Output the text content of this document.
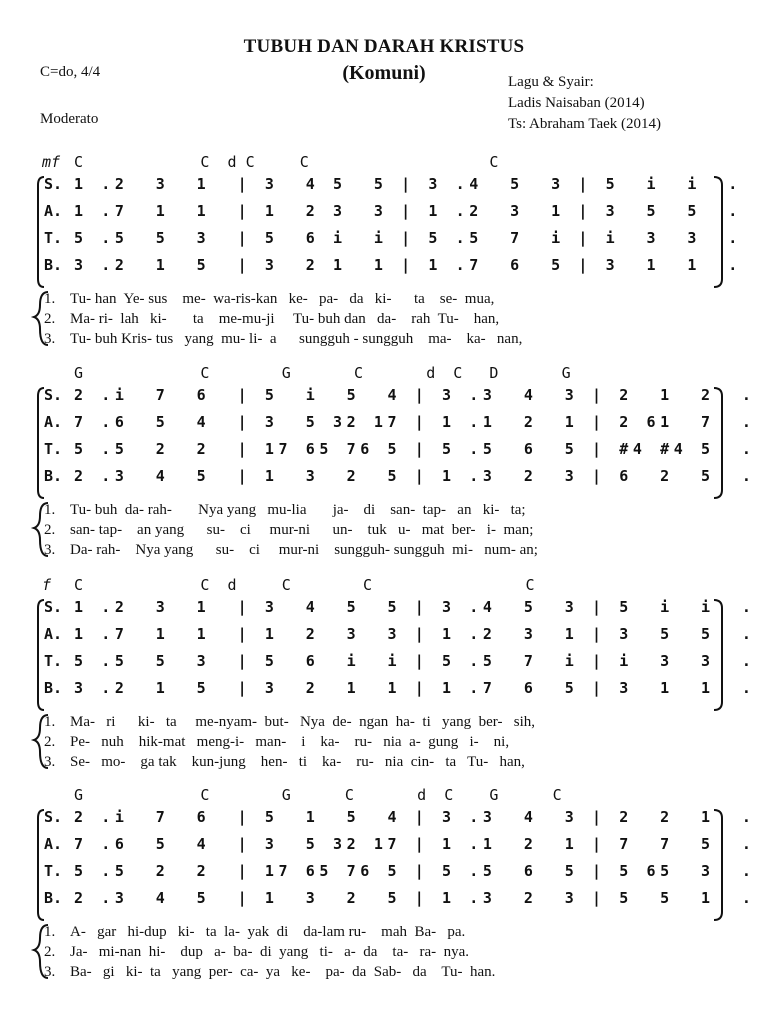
TUBUH DAN DARAH KRISTUS
(Komuni)
C=do, 4/4
Moderato
Lagu & Syair:
Ladis Naisaban (2014)
Ts: Abraham Taek (2014)
mf C             C  d C     C                    C
S. 1 .2  3  1  | 3  4 5  5 | 3 .4  5  3 | 5  i  i  .
A. 1 .7  1  1  | 1  2 3  3 | 1 .2  3  1 | 3  5  5  .
T. 5 .5  5  3  | 5  6 i  i | 5 .5  7  i | i  3  3  .
B. 3 .2  1  5  | 3  2 1  1 | 1 .7  6  5 | 3  1  1  .
1. Tu- han  Ye- sus    me-  wa-ris-kan   ke-   pa-   da   ki-      ta    se-  mua,
2. Ma- ri-  lah   ki-       ta    me-mu-ji     Tu- buh dan   da-    rah  Tu-    han,
3. Tu- buh Kris- tus   yang  mu- li-  a      sungguh - sungguh    ma-    ka-   nan,
G             C        G       C       d  C   D       G
S. 2 .i  7  6  | 5  i  5  4 | 3 .3  4  3 | 2  1  2  .
A. 7 .6  5  4  | 3  5 32 17 | 1 .1  2  1 | 2 61  7  .
T. 5 .5  2  2  | 17 65 76 5 | 5 .5  6  5 | #4 #4 5  .
B. 2 .3  4  5  | 1  3  2  5 | 1 .3  2  3 | 6  2  5  .
1. Tu- buh  da- rah-       Nya yang   mu-lia       ja-    di    san-  tap-   an   ki-   ta;
2. san- tap-    an yang      su-    ci     mur-ni      un-    tuk   u-   mat  ber-   i-  man;
3. Da- rah-    Nya yang      su-    ci     mur-ni    sungguh- sungguh  mi-   num- an;
f C             C  d     C        C                 C
S. 1 .2  3  1  | 3  4  5  5 | 3 .4  5  3 | 5  i  i  .
A. 1 .7  1  1  | 1  2  3  3 | 1 .2  3  1 | 3  5  5  .
T. 5 .5  5  3  | 5  6  i  i | 5 .5  7  i | i  3  3  .
B. 3 .2  1  5  | 3  2  1  1 | 1 .7  6  5 | 3  1  1  .
1. Ma-   ri      ki-   ta     me-nyam-  but-   Nya  de-  ngan  ha-  ti   yang  ber-   sih,
2. Pe-   nuh    hik-mat   meng-i-   man-    i    ka-    ru-   nia  a-  gung   i-    ni,
3. Se-   mo-    ga tak    kun-jung    hen-   ti    ka-    ru-   nia  cin-   ta   Tu-   han,
G             C        G      C       d  C    G      C
S. 2 .i  7  6  | 5  1  5  4 | 3 .3  4  3 | 2  2  1  .
A. 7 .6  5  4  | 3  5 32 17 | 1 .1  2  1 | 7  7  5  .
T. 5 .5  2  2  | 17 65 76 5 | 5 .5  6  5 | 5 65  3  .
B. 2 .3  4  5  | 1  3  2  5 | 1 .3  2  3 | 5  5  1  .
1. A-   gar   hi-dup   ki-   ta  la-  yak  di    da-lam ru-    mah  Ba-   pa.
2. Ja-   mi-nan  hi-    dup   a-  ba-  di  yang   ti-   a-  da    ta-   ra-  nya.
3. Ba-   gi   ki-  ta   yang  per-  ca-  ya   ke-    pa-  da  Sab-   da    Tu-  han.
